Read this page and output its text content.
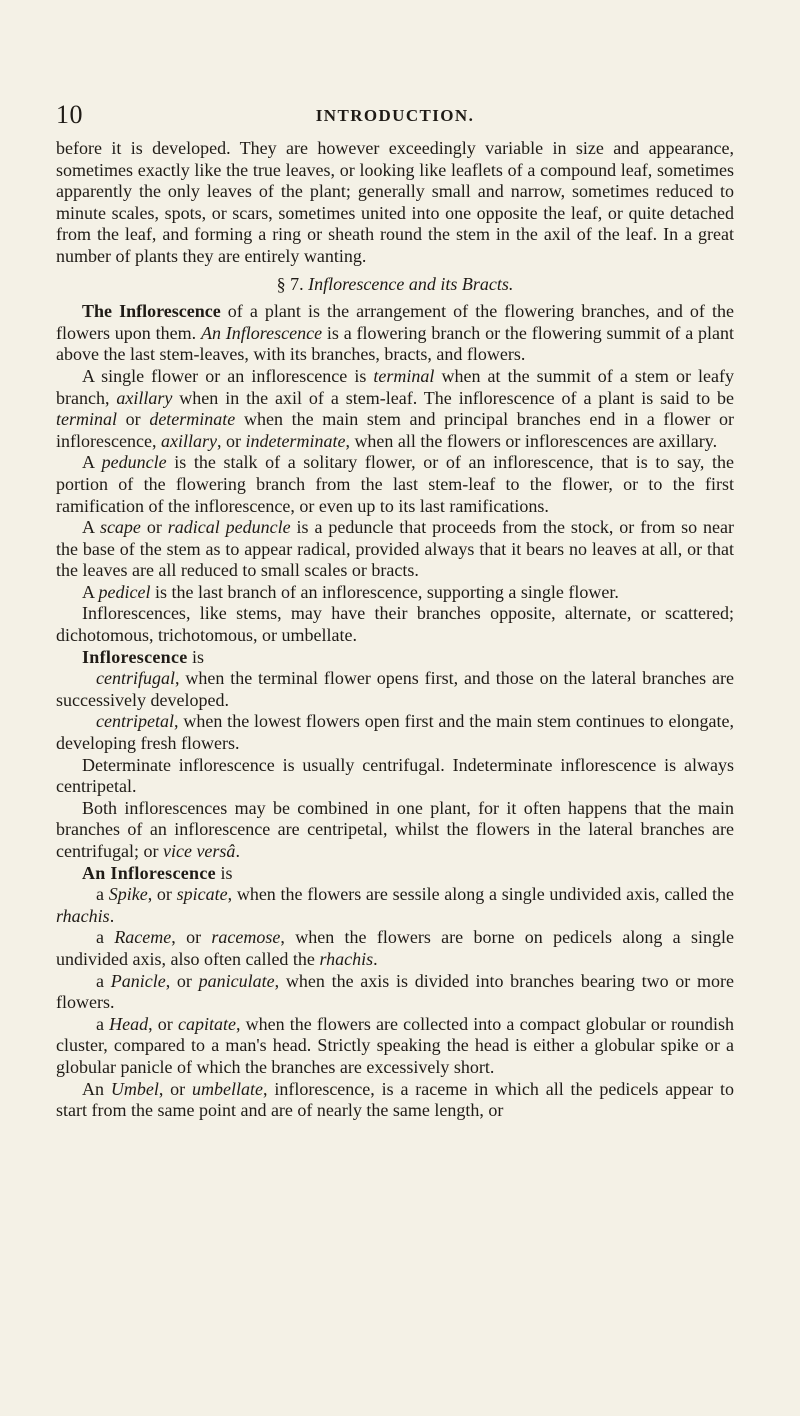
10	INTRODUCTION.

before it is developed. They are however exceedingly variable in size and appearance, sometimes exactly like the true leaves, or looking like leaflets of a compound leaf, sometimes apparently the only leaves of the plant; generally small and narrow, sometimes reduced to minute scales, spots, or scars, sometimes united into one opposite the leaf, or quite detached from the leaf, and forming a ring or sheath round the stem in the axil of the leaf. In a great number of plants they are entirely wanting.

§ 7. Inflorescence and its Bracts.

The Inflorescence of a plant is the arrangement of the flowering branches, and of the flowers upon them. An Inflorescence is a flowering branch or the flowering summit of a plant above the last stem-leaves, with its branches, bracts, and flowers.

A single flower or an inflorescence is terminal when at the summit of a stem or leafy branch, axillary when in the axil of a stem-leaf. The inflorescence of a plant is said to be terminal or determinate when the main stem and principal branches end in a flower or inflorescence, axillary, or indeterminate, when all the flowers or inflorescences are axillary.

A peduncle is the stalk of a solitary flower, or of an inflorescence, that is to say, the portion of the flowering branch from the last stem-leaf to the flower, or to the first ramification of the inflorescence, or even up to its last ramifications.

A scape or radical peduncle is a peduncle that proceeds from the stock, or from so near the base of the stem as to appear radical, provided always that it bears no leaves at all, or that the leaves are all reduced to small scales or bracts.

A pedicel is the last branch of an inflorescence, supporting a single flower.

Inflorescences, like stems, may have their branches opposite, alternate, or scattered; dichotomous, trichotomous, or umbellate.

Inflorescence is

centrifugal, when the terminal flower opens first, and those on the lateral branches are successively developed.

centripetal, when the lowest flowers open first and the main stem continues to elongate, developing fresh flowers.

Determinate inflorescence is usually centrifugal. Indeterminate inflorescence is always centripetal.

Both inflorescences may be combined in one plant, for it often happens that the main branches of an inflorescence are centripetal, whilst the flowers in the lateral branches are centrifugal; or vice versâ.

An Inflorescence is

a Spike, or spicate, when the flowers are sessile along a single undivided axis, called the rhachis.

a Raceme, or racemose, when the flowers are borne on pedicels along a single undivided axis, also often called the rhachis.

a Panicle, or paniculate, when the axis is divided into branches bearing two or more flowers.

a Head, or capitate, when the flowers are collected into a compact globular or roundish cluster, compared to a man's head. Strictly speaking the head is either a globular spike or a globular panicle of which the branches are excessively short.

An Umbel, or umbellate, inflorescence, is a raceme in which all the pedicels appear to start from the same point and are of nearly the same length, or
